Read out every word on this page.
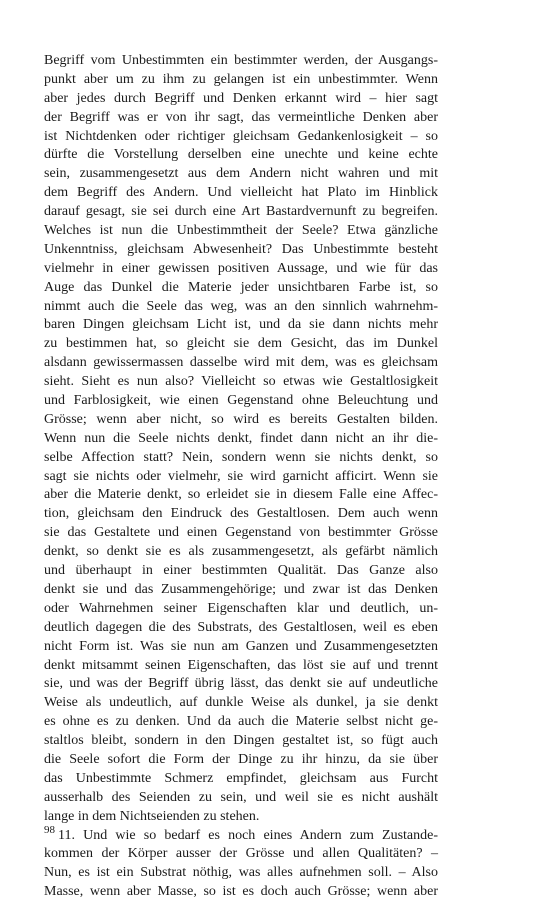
Begriff vom Unbestimmten ein bestimmter werden, der Ausgangs-
punkt aber um zu ihm zu gelangen ist ein unbestimmter. Wenn
aber jedes durch Begriff und Denken erkannt wird – hier sagt
der Begriff was er von ihr sagt, das vermeintliche Denken aber
ist Nichtdenken oder richtiger gleichsam Gedankenlosigkeit – so
dürfte die Vorstellung derselben eine unechte und keine echte
sein, zusammengesetzt aus dem Andern nicht wahren und mit
dem Begriff des Andern. Und vielleicht hat Plato im Hinblick
darauf gesagt, sie sei durch eine Art Bastardvernunft zu begreifen.
Welches ist nun die Unbestimmtheit der Seele? Etwa gänzliche
Unkenntniss, gleichsam Abwesenheit? Das Unbestimmte besteht
vielmehr in einer gewissen positiven Aussage, und wie für das
Auge das Dunkel die Materie jeder unsichtbaren Farbe ist, so
nimmt auch die Seele das weg, was an den sinnlich wahrnehm-
baren Dingen gleichsam Licht ist, und da sie dann nichts mehr
zu bestimmen hat, so gleicht sie dem Gesicht, das im Dunkel
alsdann gewissermassen dasselbe wird mit dem, was es gleichsam
sieht. Sieht es nun also? Vielleicht so etwas wie Gestaltlosigkeit
und Farblosigkeit, wie einen Gegenstand ohne Beleuchtung und
Grösse; wenn aber nicht, so wird es bereits Gestalten bilden.
Wenn nun die Seele nichts denkt, findet dann nicht an ihr die-
selbe Affection statt? Nein, sondern wenn sie nichts denkt, so
sagt sie nichts oder vielmehr, sie wird garnicht afficirt. Wenn sie
aber die Materie denkt, so erleidet sie in diesem Falle eine Affec-
tion, gleichsam den Eindruck des Gestaltlosen. Dem auch wenn
sie das Gestaltete und einen Gegenstand von bestimmter Grösse
denkt, so denkt sie es als zusammengesetzt, als gefärbt nämlich
und überhaupt in einer bestimmten Qualität. Das Ganze also
denkt sie und das Zusammengehörige; und zwar ist das Denken
oder Wahrnehmen seiner Eigenschaften klar und deutlich, un-
deutlich dagegen die des Substrats, des Gestaltlosen, weil es eben
nicht Form ist. Was sie nun am Ganzen und Zusammengesetzten
denkt mitsammt seinen Eigenschaften, das löst sie auf und trennt
sie, und was der Begriff übrig lässt, das denkt sie auf undeutliche
Weise als undeutlich, auf dunkle Weise als dunkel, ja sie denkt
es ohne es zu denken. Und da auch die Materie selbst nicht ge-
staltlos bleibt, sondern in den Dingen gestaltet ist, so fügt auch
die Seele sofort die Form der Dinge zu ihr hinzu, da sie über
das Unbestimmte Schmerz empfindet, gleichsam aus Furcht
ausserhalb des Seienden zu sein, und weil sie es nicht aushält
lange in dem Nichtseienden zu stehen.
11. Und wie so bedarf es noch eines Andern zum Zustande-
kommen der Körper ausser der Grösse und allen Qualitäten? –
Nun, es ist ein Substrat nöthig, was alles aufnehmen soll. – Also
Masse, wenn aber Masse, so ist es doch auch Grösse; wenn aber
98
